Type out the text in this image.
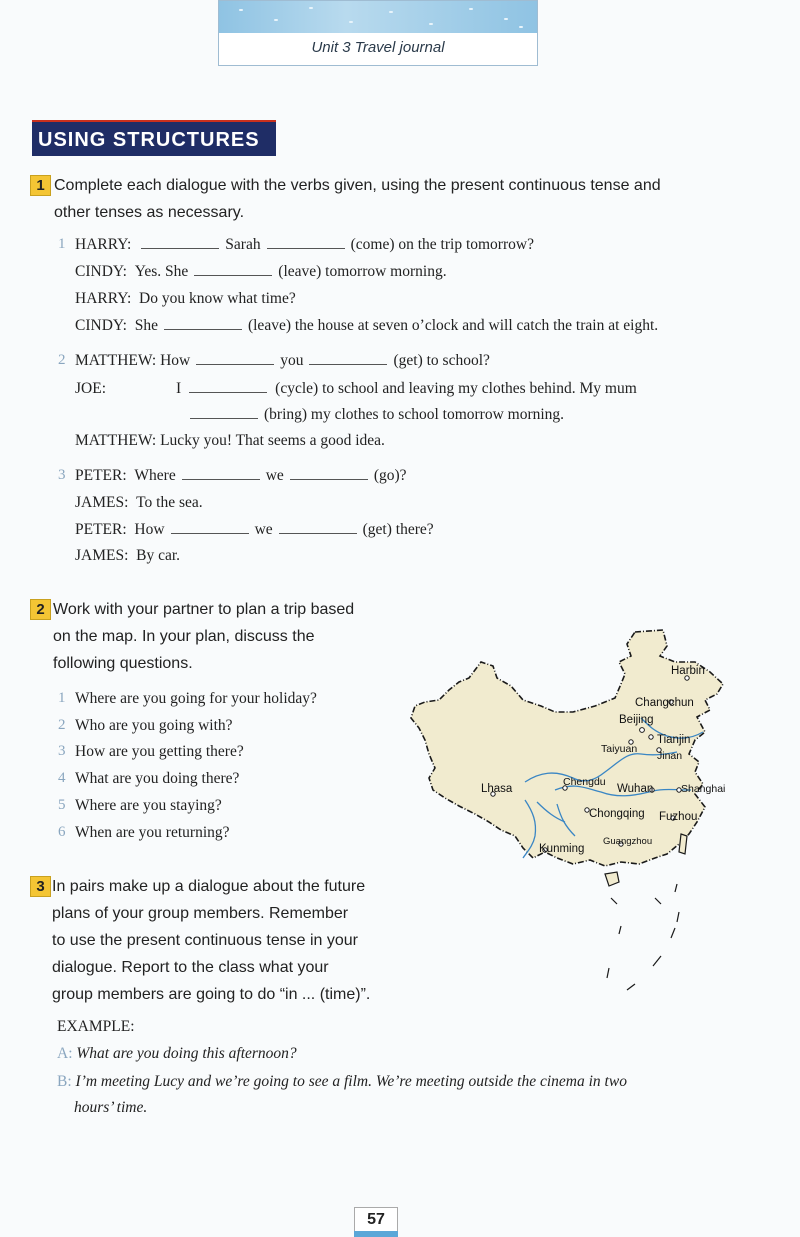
Unit 3 Travel journal
USING STRUCTURES
1 Complete each dialogue with the verbs given, using the present continuous tense and
other tenses as necessary.
1 HARRY:	Sarah	(come) on the trip tomorrow?
CINDY: Yes. She	(leave) tomorrow morning.
HARRY: Do you know what time?
CINDY: She	(leave) the house at seven o’clock and will catch the train at eight.
2 MATTHEW: How	you	(get) to school?
JOE:	I	(cycle) to school and leaving my clothes behind. My mum
(bring) my clothes to school tomorrow morning.
MATTHEW: Lucky you! That seems a good idea.
3 PETER: Where	we	(go)?
JAMES: To the sea.
PETER: How	we	(get) there?
JAMES: By car.
2 Work with your partner to plan a trip based
on the map. In your plan, discuss the
following questions.
1 Where are you going for your holiday?
2 Who are you going with?
3 How are you getting there?
4 What are you doing there?
5 Where are you staying?
6 When are you returning?
Harbin
Changchun
Beijing
Tianjin
Taiyuan
Jinan
Lhasa
Chengdu
Wuhan	Shanghai
Chongqing Fuzhou
Kunming
Guangzhou
3 In pairs make up a dialogue about the future
plans of your group members. Remember
to use the present continuous tense in your
dialogue. Report to the class what your
group members are going to do “in ... (time)”.
EXAMPLE:
A: What are you doing this afternoon?
B: I’m meeting Lucy and we’re going to see a film. We’re meeting outside the cinema in two
hours’ time.
57
